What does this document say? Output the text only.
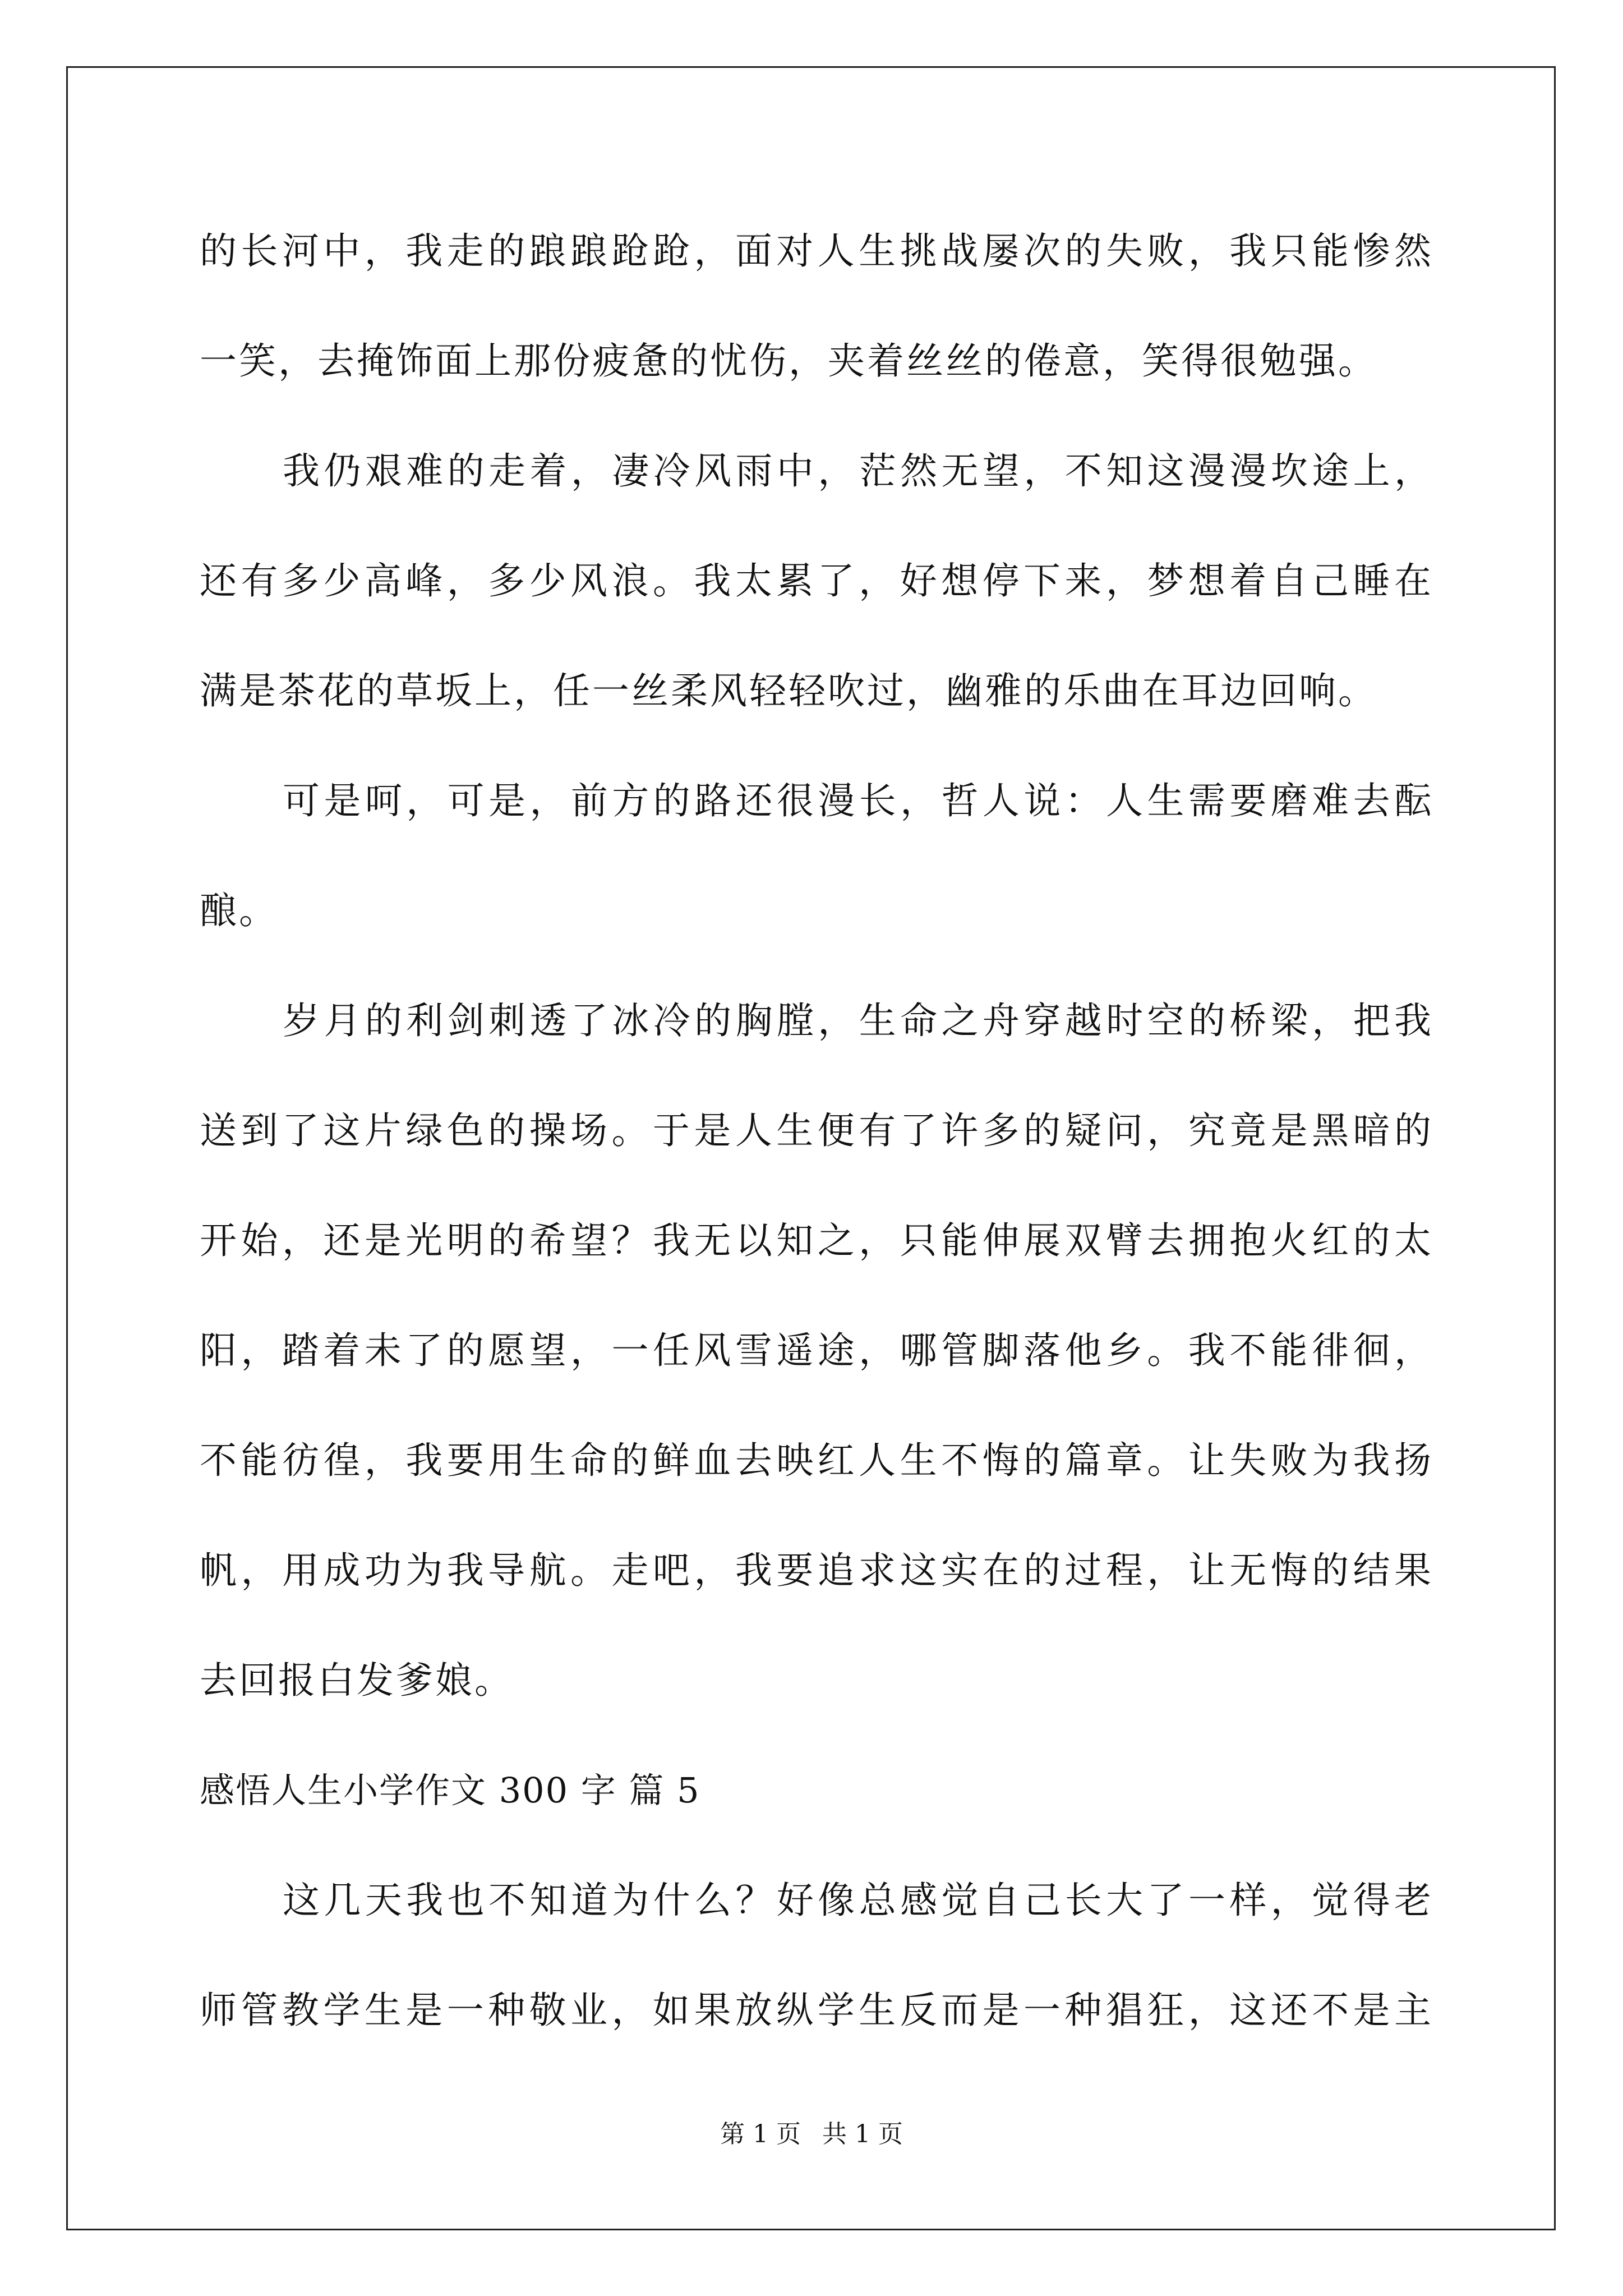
的长河中，我走的踉踉跄跄，面对人生挑战屡次的失败，我只能惨然
一笑，去掩饰面上那份疲惫的忧伤，夹着丝丝的倦意，笑得很勉强。
我仍艰难的走着，凄冷风雨中，茫然无望，不知这漫漫坎途上，
还有多少高峰，多少风浪。我太累了，好想停下来，梦想着自己睡在
满是茶花的草坂上，任一丝柔风轻轻吹过，幽雅的乐曲在耳边回响。
可是呵，可是，前方的路还很漫长，哲人说：人生需要磨难去酝
酿。
岁月的利剑刺透了冰冷的胸膛，生命之舟穿越时空的桥梁，把我
送到了这片绿色的操场。于是人生便有了许多的疑问，究竟是黑暗的
开始，还是光明的希望？我无以知之，只能伸展双臂去拥抱火红的太
阳，踏着未了的愿望，一任风雪遥途，哪管脚落他乡。我不能徘徊，
不能彷徨，我要用生命的鲜血去映红人生不悔的篇章。让失败为我扬
帆，用成功为我导航。走吧，我要追求这实在的过程，让无悔的结果
去回报白发爹娘。
感悟人生小学作文 300 字 篇 5
这几天我也不知道为什么？好像总感觉自己长大了一样，觉得老
师管教学生是一种敬业，如果放纵学生反而是一种猖狂，这还不是主
第 1 页 共 1 页
